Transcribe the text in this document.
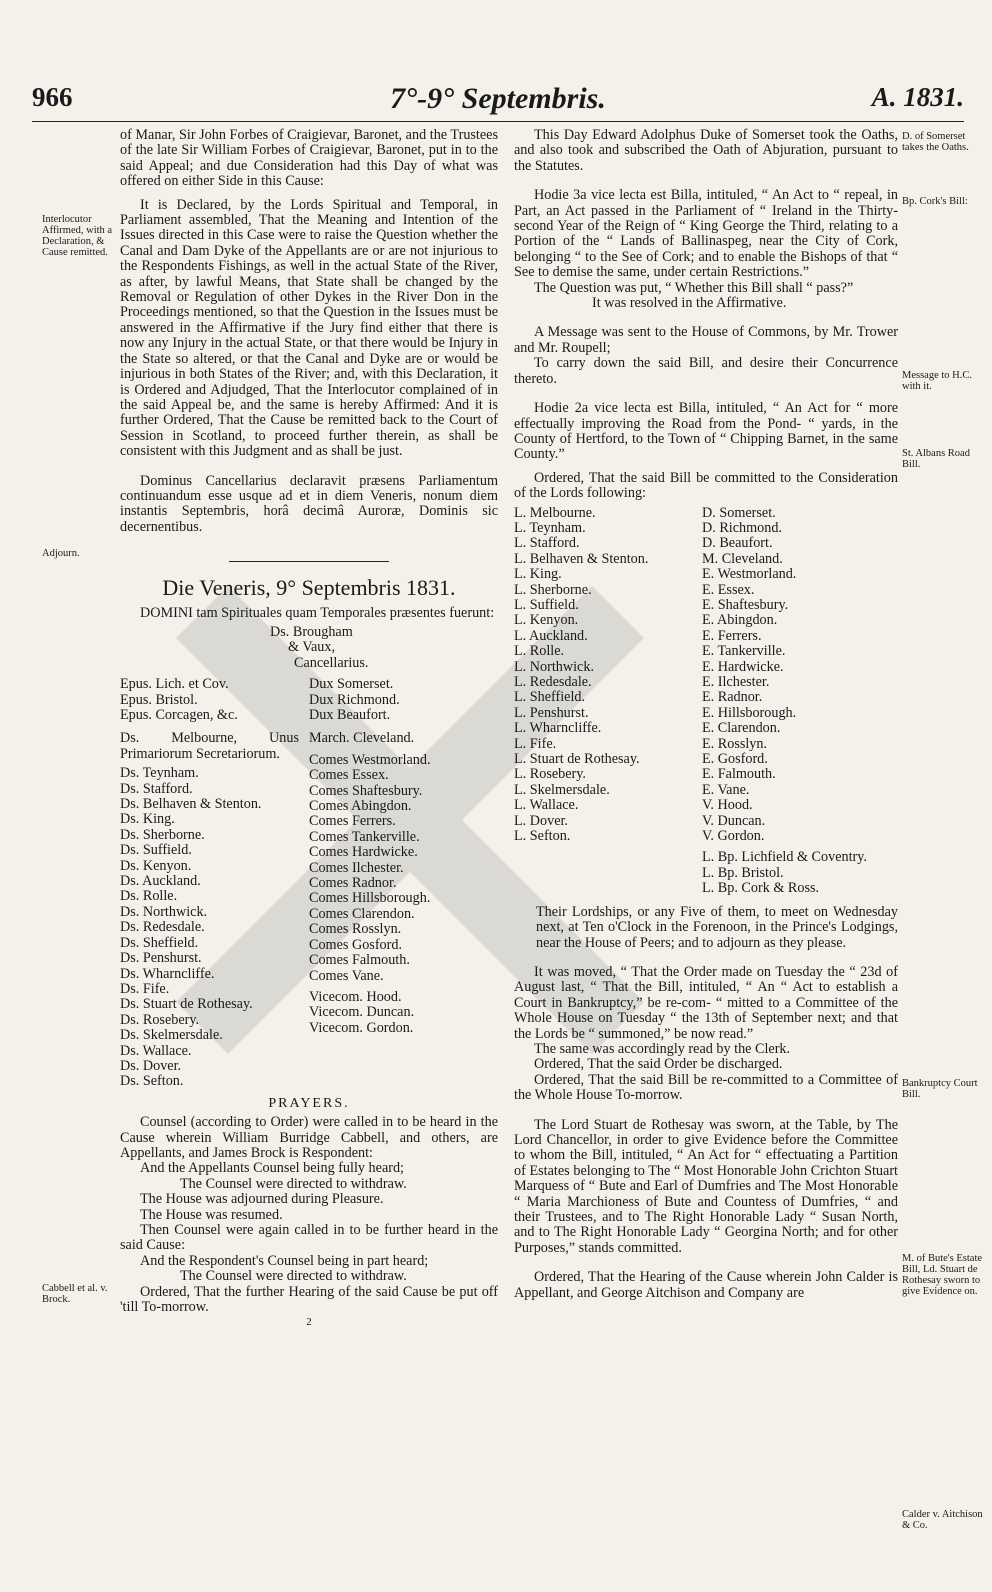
966	7°-9° Septembris.	A. 1831.
Interlocutor Affirmed, with a Declaration, & Cause remitted.
Adjourn.
Cabbell et al. v. Brock.
D. of Somerset takes the Oaths.
Bp. Cork's Bill:
Message to H.C. with it.
St. Albans Road Bill.
Bankruptcy Court Bill.
M. of Bute's Estate Bill, Ld. Stuart de Rothesay sworn to give Evidence on.
Calder v. Aitchison & Co.

of Manar, Sir John Forbes of Craigievar, Baronet, and the Trustees of the late Sir William Forbes of Craigievar, Baronet, put in to the said Appeal; and due Consideration had this Day of what was offered on either Side in this Cause:

It is Declared, by the Lords Spiritual and Temporal, in Parliament assembled, That the Meaning and Intention of the Issues directed in this Case were to raise the Question whether the Canal and Dam Dyke of the Appellants are or are not injurious to the Respondents Fishings, as well in the actual State of the River, as after, by lawful Means, that State shall be changed by the Removal or Regulation of other Dykes in the River Don in the Proceedings mentioned, so that the Question in the Issues must be answered in the Affirmative if the Jury find either that there is now any Injury in the actual State, or that there would be Injury in the State so altered, or that the Canal and Dyke are or would be injurious in both States of the River; and, with this Declaration, it is Ordered and Adjudged, That the Interlocutor complained of in the said Appeal be, and the same is hereby Affirmed: And it is further Ordered, That the Cause be remitted back to the Court of Session in Scotland, to proceed further therein, as shall be consistent with this Judgment and as shall be just.

Dominus Cancellarius declaravit præsens Parliamentum continuandum esse usque ad et in diem Veneris, nonum diem instantis Septembris, horâ decimâ Auroræ, Dominis sic decernentibus.

Die Veneris, 9° Septembris 1831.

DOMINI tam Spirituales quam Temporales præsentes fuerunt:

Ds. Brougham
& Vaux,
Cancellarius.
Epus. Lich. et Cov.
Epus. Bristol.
Epus. Corcagen, &c.

Ds. Melbourne, Unus Primariorum Secretariorum.

Ds. Teynham.
Ds. Stafford.
Ds. Belhaven & Stenton.
Ds. King.
Ds. Sherborne.
Ds. Suffield.
Ds. Kenyon.
Ds. Auckland.
Ds. Rolle.
Ds. Northwick.
Ds. Redesdale.
Ds. Sheffield.
Ds. Penshurst.
Ds. Wharncliffe.
Ds. Fife.
Ds. Stuart de Rothesay.
Ds. Rosebery.
Ds. Skelmersdale.
Ds. Wallace.
Ds. Dover.
Ds. Sefton.
Dux Somerset.
Dux Richmond.
Dux Beaufort.
March. Cleveland.
Comes Westmorland.
Comes Essex.
Comes Shaftesbury.
Comes Abingdon.
Comes Ferrers.
Comes Tankerville.
Comes Hardwicke.
Comes Ilchester.
Comes Radnor.
Comes Hillsborough.
Comes Clarendon.
Comes Rosslyn.
Comes Gosford.
Comes Falmouth.
Comes Vane.
Vicecom. Hood.
Vicecom. Duncan.
Vicecom. Gordon.
PRAYERS.

Counsel (according to Order) were called in to be heard in the Cause wherein William Burridge Cabbell, and others, are Appellants, and James Brock is Respondent:

And the Appellants Counsel being fully heard;

The Counsel were directed to withdraw.

The House was adjourned during Pleasure.

The House was resumed.

Then Counsel were again called in to be further heard in the said Cause:

And the Respondent's Counsel being in part heard;

The Counsel were directed to withdraw.

Ordered, That the further Hearing of the said Cause be put off 'till To-morrow.

2

This Day Edward Adolphus Duke of Somerset took the Oaths, and also took and subscribed the Oath of Abjuration, pursuant to the Statutes.

Hodie 3a vice lecta est Billa, intituled, “ An Act to “ repeal, in Part, an Act passed in the Parliament of “ Ireland in the Thirty-second Year of the Reign of “ King George the Third, relating to a Portion of the “ Lands of Ballinaspeg, near the City of Cork, belonging “ to the See of Cork; and to enable the Bishops of that “ See to demise the same, under certain Restrictions.”

The Question was put, “ Whether this Bill shall “ pass?”

It was resolved in the Affirmative.

A Message was sent to the House of Commons, by Mr. Trower and Mr. Roupell;

To carry down the said Bill, and desire their Concurrence thereto.

Hodie 2a vice lecta est Billa, intituled, “ An Act for “ more effectually improving the Road from the Pond- “ yards, in the County of Hertford, to the Town of “ Chipping Barnet, in the same County.”

Ordered, That the said Bill be committed to the Consideration of the Lords following:

L. Melbourne.
L. Teynham.
L. Stafford.
L. Belhaven & Stenton.
L. King.
L. Sherborne.
L. Suffield.
L. Kenyon.
L. Auckland.
L. Rolle.
L. Northwick.
L. Redesdale.
L. Sheffield.
L. Penshurst.
L. Wharncliffe.
L. Fife.
L. Stuart de Rothesay.
L. Rosebery.
L. Skelmersdale.
L. Wallace.
L. Dover.
L. Sefton.
D. Somerset.
D. Richmond.
D. Beaufort.
M. Cleveland.
E. Westmorland.
E. Essex.
E. Shaftesbury.
E. Abingdon.
E. Ferrers.
E. Tankerville.
E. Hardwicke.
E. Ilchester.
E. Radnor.
E. Hillsborough.
E. Clarendon.
E. Rosslyn.
E. Gosford.
E. Falmouth.
E. Vane.
V. Hood.
V. Duncan.
V. Gordon.
L. Bp. Lichfield & Coventry.
L. Bp. Bristol.
L. Bp. Cork & Ross.

Their Lordships, or any Five of them, to meet on Wednesday next, at Ten o'Clock in the Forenoon, in the Prince's Lodgings, near the House of Peers; and to adjourn as they please.

It was moved, “ That the Order made on Tuesday the “ 23d of August last, “ That the Bill, intituled, “ An “ Act to establish a Court in Bankruptcy,” be re-com- “ mitted to a Committee of the Whole House on Tuesday “ the 13th of September next; and that the Lords be “ summoned,” be now read.”

The same was accordingly read by the Clerk.

Ordered, That the said Order be discharged.

Ordered, That the said Bill be re-committed to a Committee of the Whole House To-morrow.

The Lord Stuart de Rothesay was sworn, at the Table, by The Lord Chancellor, in order to give Evidence before the Committee to whom the Bill, intituled, “ An Act for “ effectuating a Partition of Estates belonging to The “ Most Honorable John Crichton Stuart Marquess of “ Bute and Earl of Dumfries and The Most Honorable “ Maria Marchioness of Bute and Countess of Dumfries, “ and their Trustees, and to The Right Honorable Lady “ Susan North, and to The Right Honorable Lady “ Georgina North; and for other Purposes,” stands committed.

Ordered, That the Hearing of the Cause wherein John Calder is Appellant, and George Aitchison and Company are
